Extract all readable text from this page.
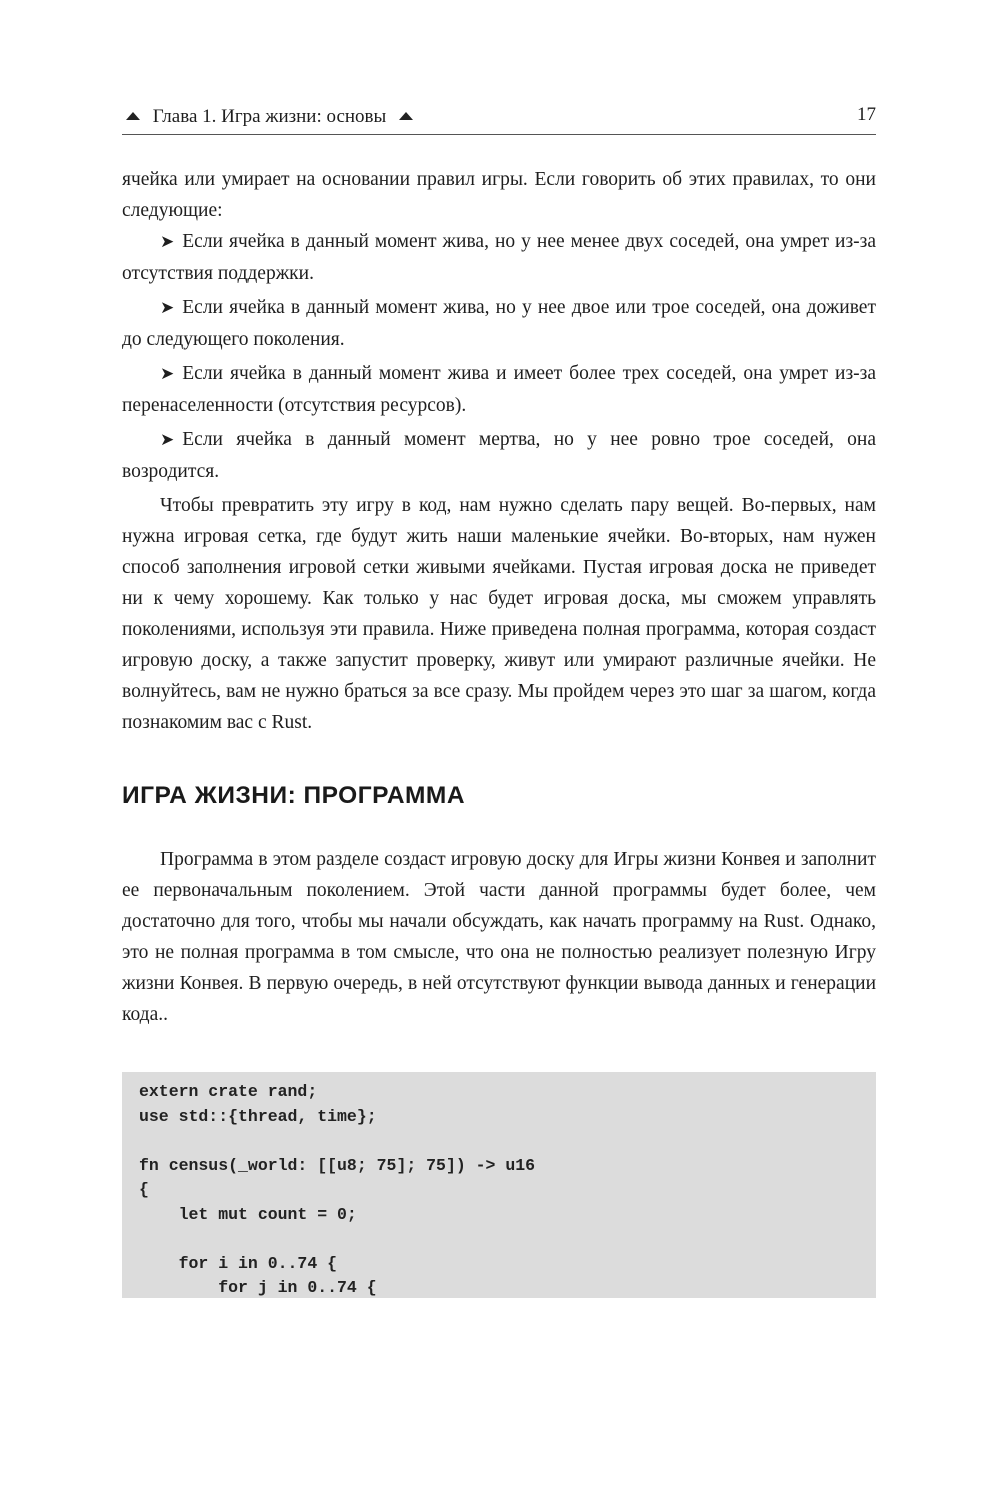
Глава 1. Игра жизни: основы	17

ячейка или умирает на основании правил игры. Если говорить об этих правилах, то они следующие:

➤ Если ячейка в данный момент жива, но у нее менее двух соседей, она умрет из-за отсутствия поддержки.

➤ Если ячейка в данный момент жива, но у нее двое или трое соседей, она доживет до следующего поколения.

➤ Если ячейка в данный момент жива и имеет более трех соседей, она умрет из-за перенаселенности (отсутствия ресурсов).

➤ Если ячейка в данный момент мертва, но у нее ровно трое соседей, она возродится.

Чтобы превратить эту игру в код, нам нужно сделать пару вещей. Во-первых, нам нужна игровая сетка, где будут жить наши маленькие ячейки. Во-вторых, нам нужен способ заполнения игровой сетки живыми ячейками. Пустая игровая доска не приведет ни к чему хорошему. Как только у нас будет игровая доска, мы сможем управлять поколениями, используя эти правила. Ниже приведена полная программа, которая создаст игровую доску, а также запустит проверку, живут или умирают различные ячейки. Не волнуйтесь, вам не нужно браться за все сразу. Мы пройдем через это шаг за шагом, когда познакомим вас с Rust.

ИГРА ЖИЗНИ: ПРОГРАММА

Программа в этом разделе создаст игровую доску для Игры жизни Конвея и заполнит ее первоначальным поколением. Этой части данной программы будет более, чем достаточно для того, чтобы мы начали обсуждать, как начать программу на Rust. Однако, это не полная программа в том смысле, что она не полностью реализует полезную Игру жизни Конвея. В первую очередь, в ней отсутствуют функции вывода данных и генерации кода..

extern crate rand;
use std::{thread, time};
fn census(_world: [[u8; 75]; 75]) -> u16
{
let mut count = 0;
for i in 0..74 {
for j in 0..74 {
